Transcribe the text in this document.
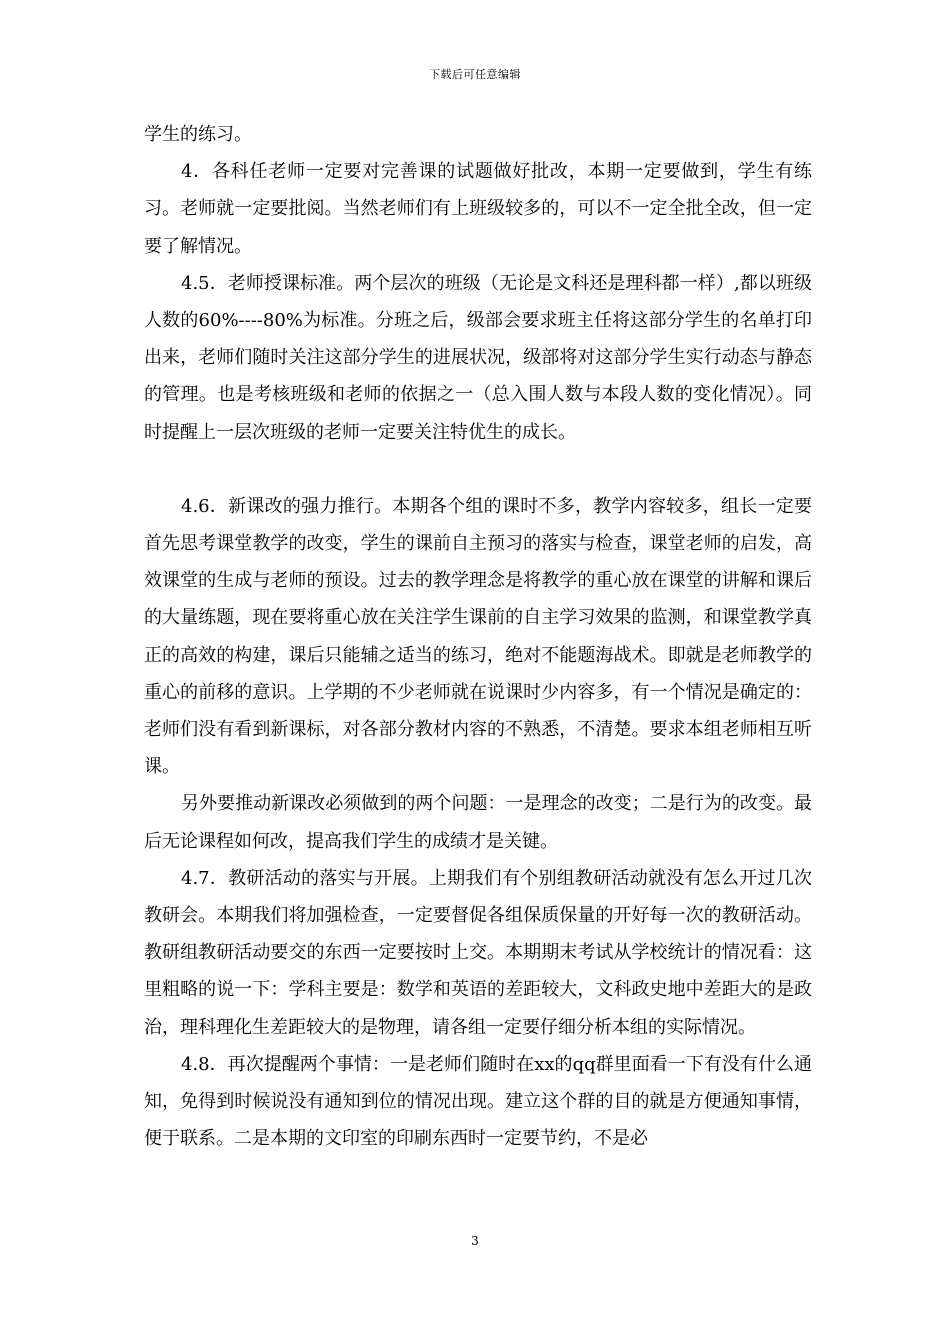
下载后可任意编辑

学生的练习。

4．各科任老师一定要对完善课的试题做好批改，本期一定要做到，学生有练习。老师就一定要批阅。当然老师们有上班级较多的，可以不一定全批全改，但一定要了解情况。

4.5．老师授课标准。两个层次的班级（无论是文科还是理科都一样）,都以班级人数的60%----80%为标准。分班之后，级部会要求班主任将这部分学生的名单打印出来，老师们随时关注这部分学生的进展状况，级部将对这部分学生实行动态与静态的管理。也是考核班级和老师的依据之一（总入围人数与本段人数的变化情况）。同时提醒上一层次班级的老师一定要关注特优生的成长。

4.6．新课改的强力推行。本期各个组的课时不多，教学内容较多，组长一定要首先思考课堂教学的改变，学生的课前自主预习的落实与检查，课堂老师的启发，高效课堂的生成与老师的预设。过去的教学理念是将教学的重心放在课堂的讲解和课后的大量练题，现在要将重心放在关注学生课前的自主学习效果的监测，和课堂教学真正的高效的构建，课后只能辅之适当的练习，绝对不能题海战术。即就是老师教学的重心的前移的意识。上学期的不少老师就在说课时少内容多，有一个情况是确定的：老师们没有看到新课标，对各部分教材内容的不熟悉，不清楚。要求本组老师相互听课。

另外要推动新课改必须做到的两个问题：一是理念的改变；二是行为的改变。最后无论课程如何改，提高我们学生的成绩才是关键。

4.7．教研活动的落实与开展。上期我们有个别组教研活动就没有怎么开过几次教研会。本期我们将加强检查，一定要督促各组保质保量的开好每一次的教研活动。教研组教研活动要交的东西一定要按时上交。本期期末考试从学校统计的情况看：这里粗略的说一下：学科主要是：数学和英语的差距较大，文科政史地中差距大的是政治，理科理化生差距较大的是物理，请各组一定要仔细分析本组的实际情况。

4.8．再次提醒两个事情：一是老师们随时在xx的qq群里面看一下有没有什么通知，免得到时候说没有通知到位的情况出现。建立这个群的目的就是方便通知事情，便于联系。二是本期的文印室的印刷东西时一定要节约，不是必

3
